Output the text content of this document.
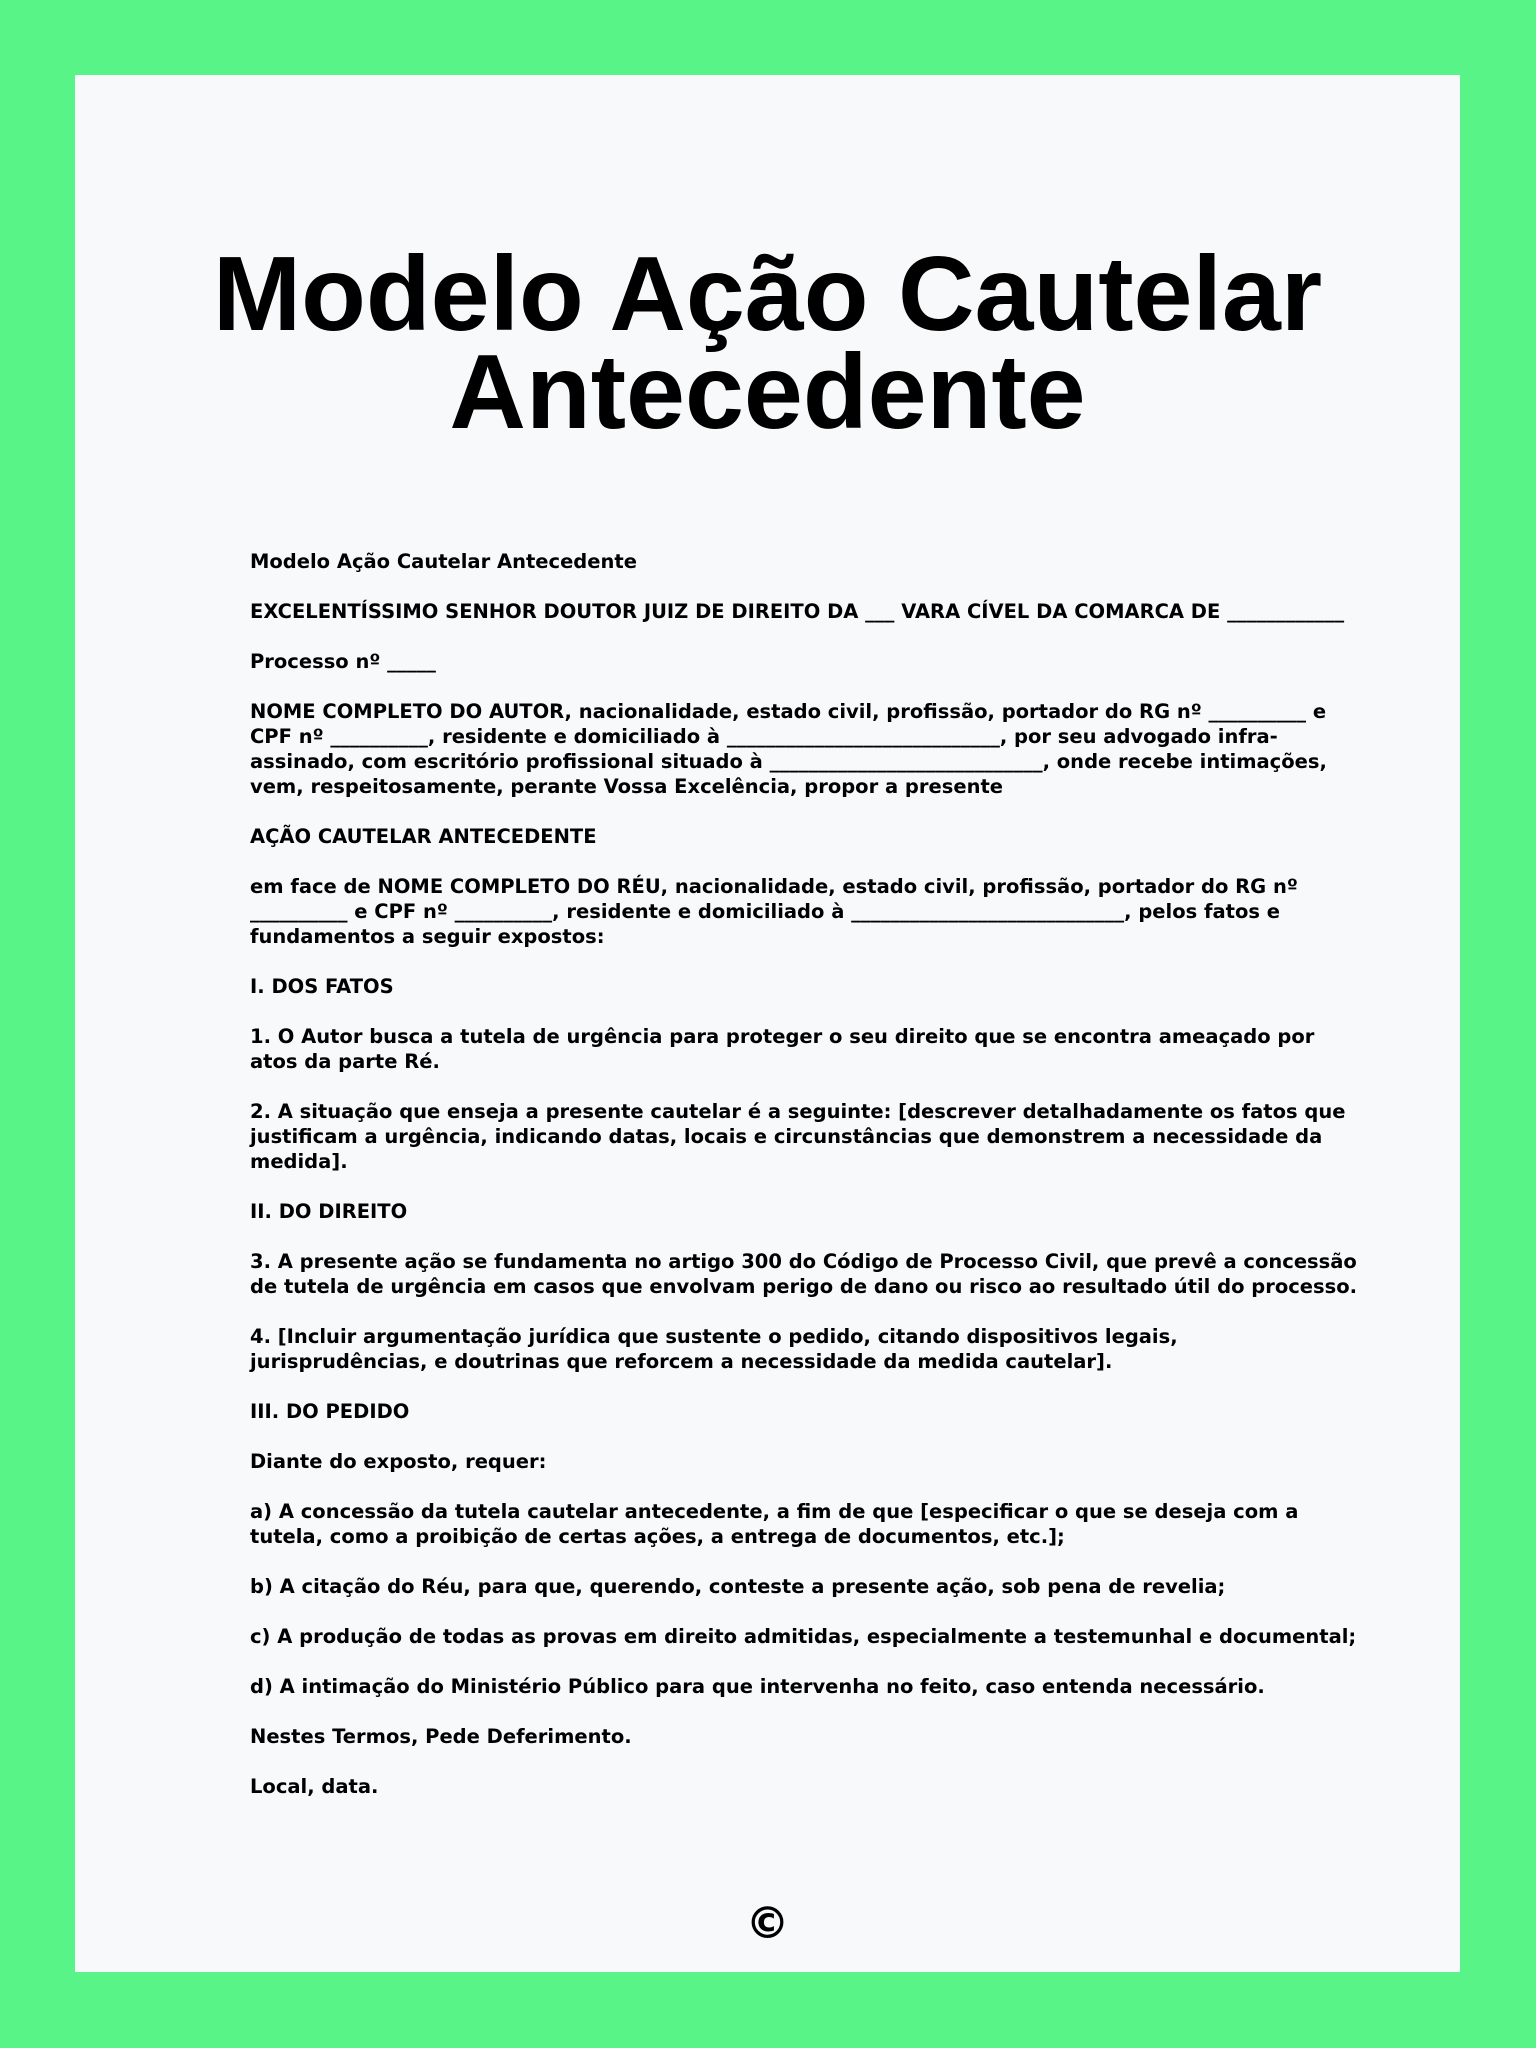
Modelo Ação Cautelar
Antecedente

Modelo Ação Cautelar Antecedente

EXCELENTÍSSIMO SENHOR DOUTOR JUIZ DE DIREITO DA ___ VARA CÍVEL DA COMARCA DE ____________

Processo nº _____

NOME COMPLETO DO AUTOR, nacionalidade, estado civil, profissão, portador do RG nº __________ e CPF nº __________, residente e domiciliado à ____________________________, por seu advogado infra-assinado, com escritório profissional situado à ____________________________, onde recebe intimações, vem, respeitosamente, perante Vossa Excelência, propor a presente

AÇÃO CAUTELAR ANTECEDENTE

em face de NOME COMPLETO DO RÉU, nacionalidade, estado civil, profissão, portador do RG nº __________ e CPF nº __________, residente e domiciliado à ____________________________, pelos fatos e fundamentos a seguir expostos:

I. DOS FATOS

1. O Autor busca a tutela de urgência para proteger o seu direito que se encontra ameaçado por atos da parte Ré.

2. A situação que enseja a presente cautelar é a seguinte: [descrever detalhadamente os fatos que justificam a urgência, indicando datas, locais e circunstâncias que demonstrem a necessidade da medida].

II. DO DIREITO

3. A presente ação se fundamenta no artigo 300 do Código de Processo Civil, que prevê a concessão de tutela de urgência em casos que envolvam perigo de dano ou risco ao resultado útil do processo.

4. [Incluir argumentação jurídica que sustente o pedido, citando dispositivos legais, jurisprudências, e doutrinas que reforcem a necessidade da medida cautelar].

III. DO PEDIDO

Diante do exposto, requer:

a) A concessão da tutela cautelar antecedente, a fim de que [especificar o que se deseja com a tutela, como a proibição de certas ações, a entrega de documentos, etc.];

b) A citação do Réu, para que, querendo, conteste a presente ação, sob pena de revelia;

c) A produção de todas as provas em direito admitidas, especialmente a testemunhal e documental;

d) A intimação do Ministério Público para que intervenha no feito, caso entenda necessário.

Nestes Termos, Pede Deferimento.

Local, data.

©
